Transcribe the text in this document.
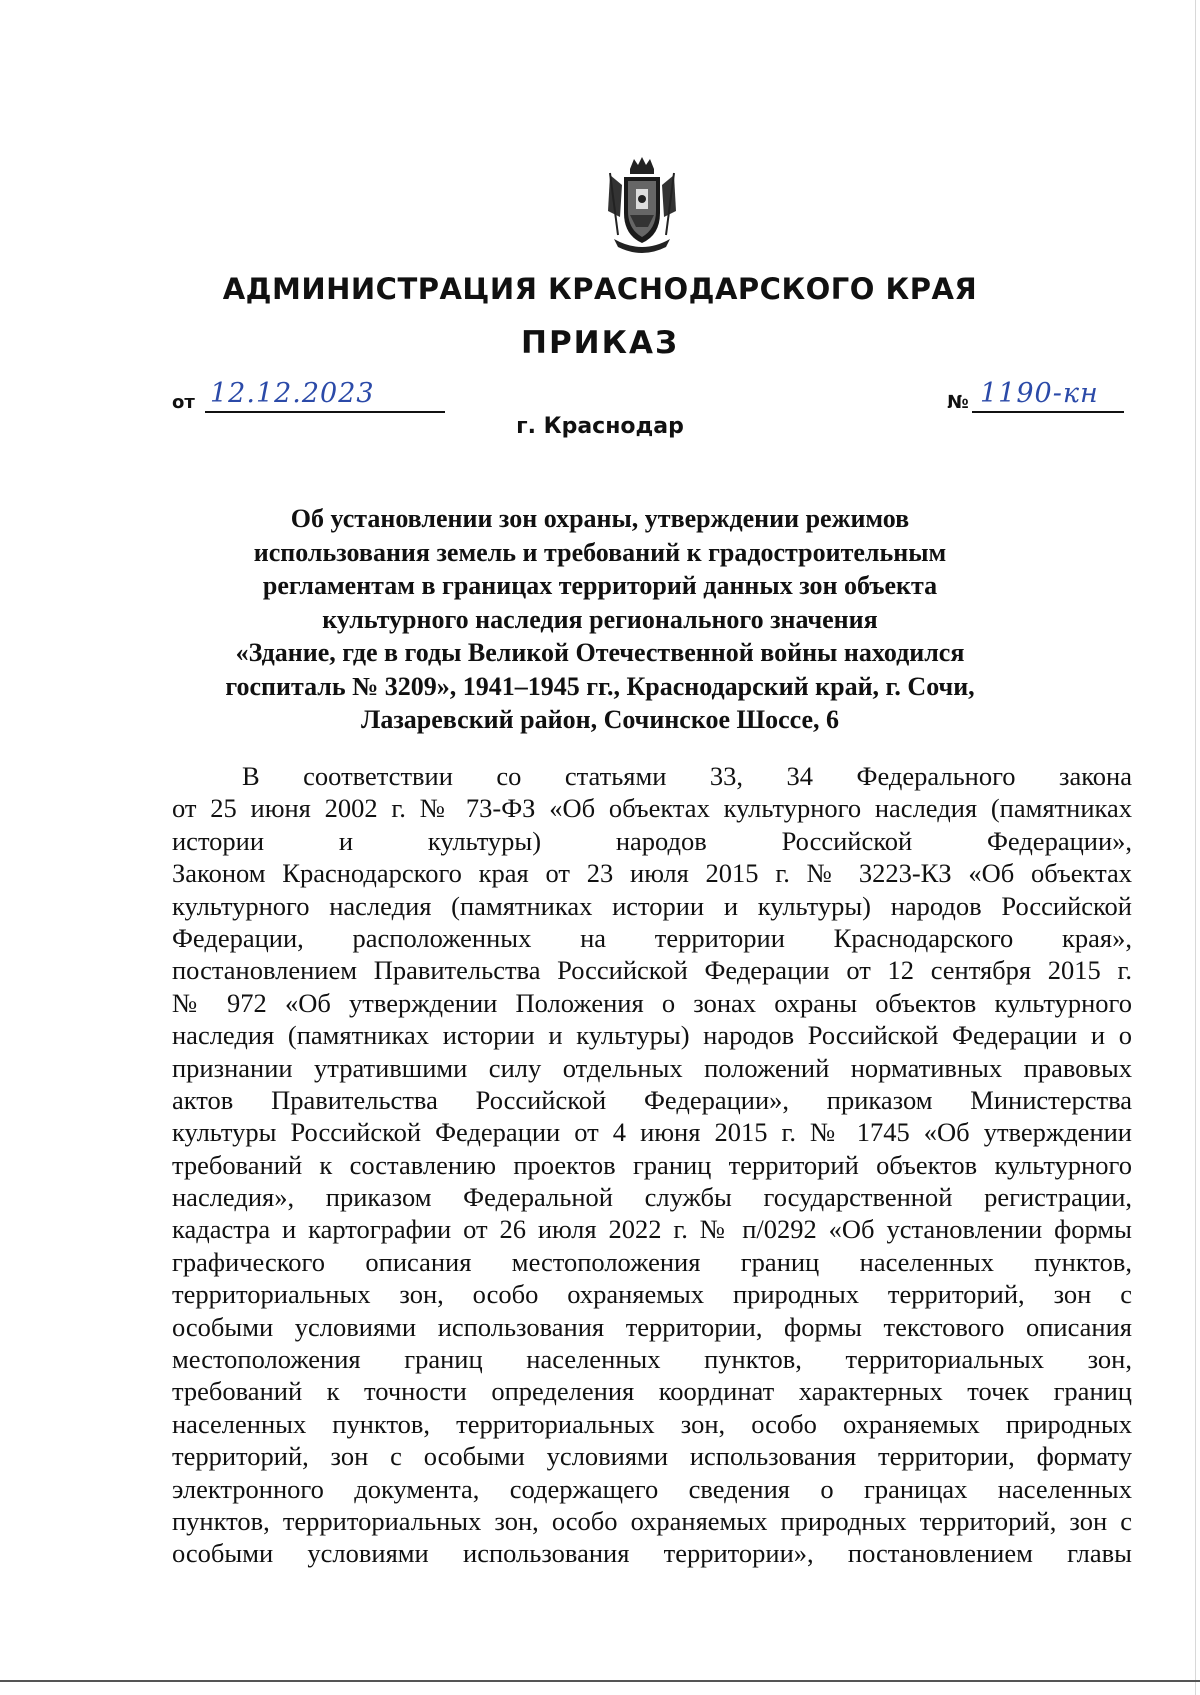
АДМИНИСТРАЦИЯ КРАСНОДАРСКОГО КРАЯ
ПРИКАЗ
от 12.12.2023	№ 1190-кн
г. Краснодар
Об установлении зон охраны, утверждении режимов
использования земель и требований к градостроительным
регламентам в границах территорий данных зон объекта
культурного наследия регионального значения
«Здание, где в годы Великой Отечественной войны находился
госпиталь № 3209», 1941–1945 гг., Краснодарский край, г. Сочи,
Лазаревский район, Сочинское Шоссе, 6
В соответствии со статьями 33, 34 Федерального закона
от 25 июня 2002 г. № 73-ФЗ «Об объектах культурного наследия (памятниках
истории и культуры) народов Российской Федерации»,
Законом Краснодарского края от 23 июля 2015 г. № 3223-КЗ «Об объектах
культурного наследия (памятниках истории и культуры) народов Российской
Федерации, расположенных на территории Краснодарского края»,
постановлением Правительства Российской Федерации от 12 сентября 2015 г.
№ 972 «Об утверждении Положения о зонах охраны объектов культурного
наследия (памятниках истории и культуры) народов Российской Федерации и о
признании утратившими силу отдельных положений нормативных правовых
актов Правительства Российской Федерации», приказом Министерства
культуры Российской Федерации от 4 июня 2015 г. № 1745 «Об утверждении
требований к составлению проектов границ территорий объектов культурного
наследия», приказом Федеральной службы государственной регистрации,
кадастра и картографии от 26 июля 2022 г. № п/0292 «Об установлении формы
графического описания местоположения границ населенных пунктов,
территориальных зон, особо охраняемых природных территорий, зон с
особыми условиями использования территории, формы текстового описания
местоположения границ населенных пунктов, территориальных зон,
требований к точности определения координат характерных точек границ
населенных пунктов, территориальных зон, особо охраняемых природных
территорий, зон с особыми условиями использования территории, формату
электронного документа, содержащего сведения о границах населенных
пунктов, территориальных зон, особо охраняемых природных территорий, зон с
особыми условиями использования территории», постановлением главы
